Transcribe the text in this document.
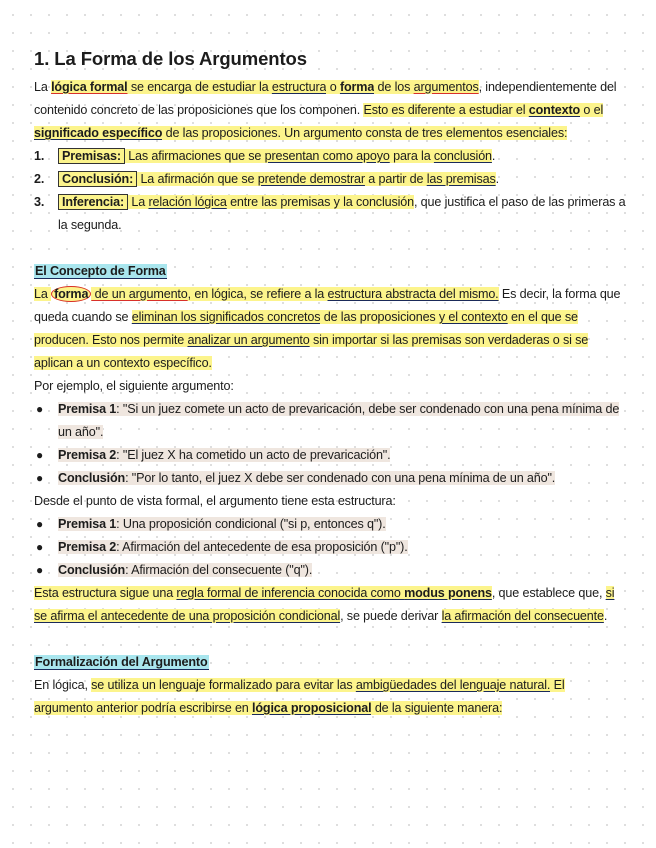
1. La Forma de los Argumentos

La lógica formal se encarga de estudiar la estructura o forma de los argumentos, independientemente del contenido concreto de las proposiciones que los componen. Esto es diferente a estudiar el contexto o el significado específico de las proposiciones. Un argumento consta de tres elementos esenciales:

1. Premisas: Las afirmaciones que se presentan como apoyo para la conclusión.
2. Conclusión: La afirmación que se pretende demostrar a partir de las premisas.
3. Inferencia: La relación lógica entre las premisas y la conclusión, que justifica el paso de las primeras a la segunda.

El Concepto de Forma

La forma de un argumento, en lógica, se refiere a la estructura abstracta del mismo. Es decir, la forma que queda cuando se eliminan los significados concretos de las proposiciones y el contexto en el que se producen. Esto nos permite analizar un argumento sin importar si las premisas son verdaderas o si se aplican a un contexto específico.

Por ejemplo, el siguiente argumento:

● Premisa 1: "Si un juez comete un acto de prevaricación, debe ser condenado con una pena mínima de un año".
● Premisa 2: "El juez X ha cometido un acto de prevaricación".
● Conclusión: "Por lo tanto, el juez X debe ser condenado con una pena mínima de un año".

Desde el punto de vista formal, el argumento tiene esta estructura:

● Premisa 1: Una proposición condicional ("si p, entonces q").
● Premisa 2: Afirmación del antecedente de esa proposición ("p").
● Conclusión: Afirmación del consecuente ("q").

Esta estructura sigue una regla formal de inferencia conocida como modus ponens, que establece que, si se afirma el antecedente de una proposición condicional, se puede derivar la afirmación del consecuente.

Formalización del Argumento

En lógica, se utiliza un lenguaje formalizado para evitar las ambigüedades del lenguaje natural. El argumento anterior podría escribirse en lógica proposicional de la siguiente manera:
